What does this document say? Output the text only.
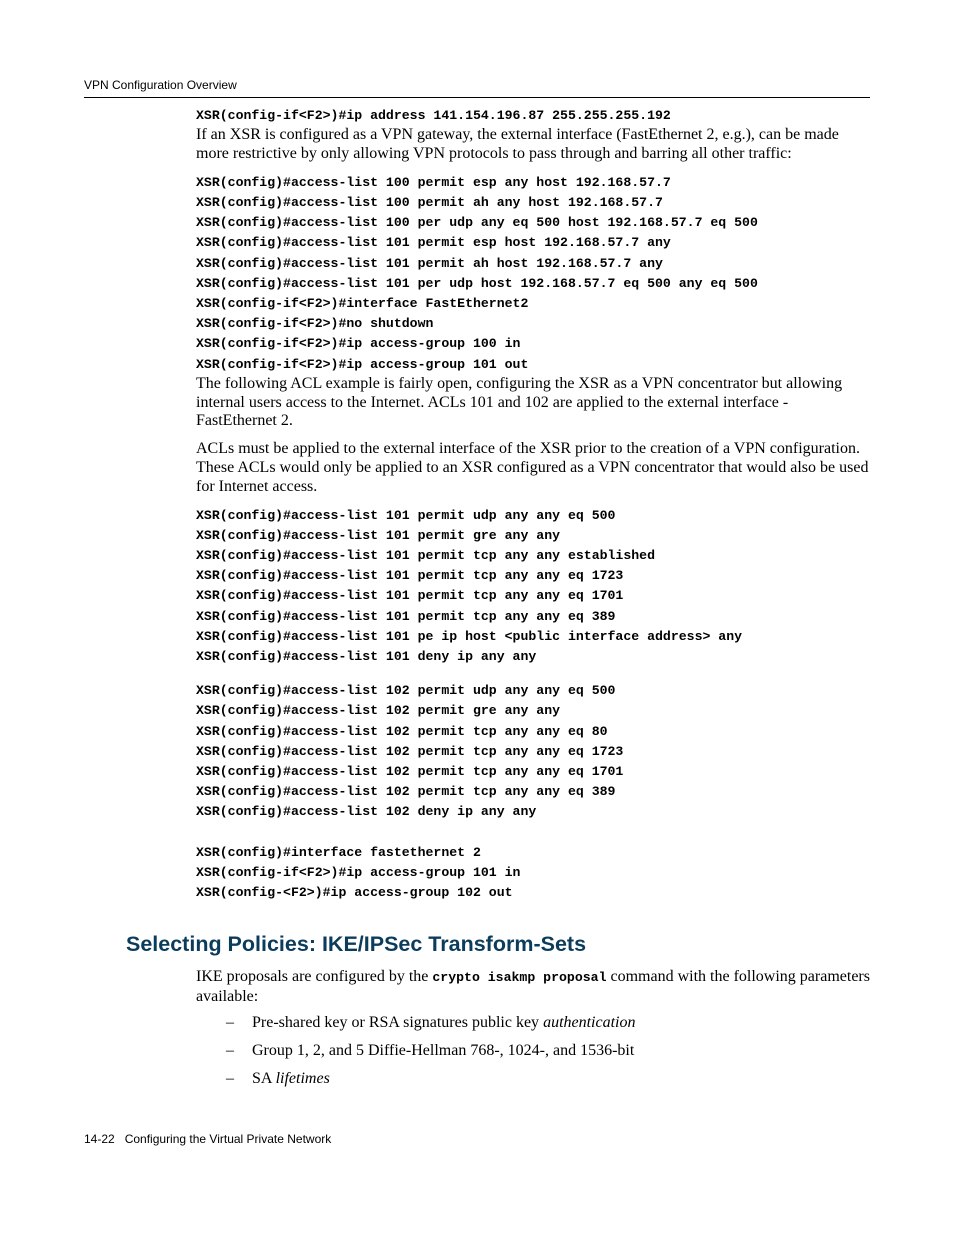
VPN Configuration Overview
XSR(config-if<F2>)#ip address 141.154.196.87 255.255.255.192

If an XSR is configured as a VPN gateway, the external interface (FastEthernet 2, e.g.), can be made more restrictive by only allowing VPN protocols to pass through and barring all other traffic:

XSR(config)#access-list 100 permit esp any host 192.168.57.7
XSR(config)#access-list 100 permit ah any host 192.168.57.7
XSR(config)#access-list 100 per udp any eq 500 host 192.168.57.7 eq 500
XSR(config)#access-list 101 permit esp host 192.168.57.7 any
XSR(config)#access-list 101 permit ah host 192.168.57.7 any
XSR(config)#access-list 101 per udp host 192.168.57.7 eq 500 any eq 500
XSR(config-if<F2>)#interface FastEthernet2
XSR(config-if<F2>)#no shutdown
XSR(config-if<F2>)#ip access-group 100 in
XSR(config-if<F2>)#ip access-group 101 out

The following ACL example is fairly open, configuring the XSR as a VPN concentrator but allowing internal users access to the Internet. ACLs 101 and 102 are applied to the external interface - FastEthernet 2.

ACLs must be applied to the external interface of the XSR prior to the creation of a VPN configuration. These ACLs would only be applied to an XSR configured as a VPN concentrator that would also be used for Internet access.

XSR(config)#access-list 101 permit udp any any eq 500
XSR(config)#access-list 101 permit gre any any
XSR(config)#access-list 101 permit tcp any any established
XSR(config)#access-list 101 permit tcp any any eq 1723
XSR(config)#access-list 101 permit tcp any any eq 1701
XSR(config)#access-list 101 permit tcp any any eq 389
XSR(config)#access-list 101 pe ip host <public interface address> any
XSR(config)#access-list 101 deny ip any any
XSR(config)#access-list 102 permit udp any any eq 500
XSR(config)#access-list 102 permit gre any any
XSR(config)#access-list 102 permit tcp any any eq 80
XSR(config)#access-list 102 permit tcp any any eq 1723
XSR(config)#access-list 102 permit tcp any any eq 1701
XSR(config)#access-list 102 permit tcp any any eq 389
XSR(config)#access-list 102 deny ip any any
XSR(config)#interface fastethernet 2
XSR(config-if<F2>)#ip access-group 101 in
XSR(config-<F2>)#ip access-group 102 out
Selecting Policies: IKE/IPSec Transform-Sets

IKE proposals are configured by the crypto isakmp proposal command with the following parameters available:

– Pre-shared key or RSA signatures public key authentication
– Group 1, 2, and 5 Diffie-Hellman 768-, 1024-, and 1536-bit
– SA lifetimes
14-22 Configuring the Virtual Private Network
